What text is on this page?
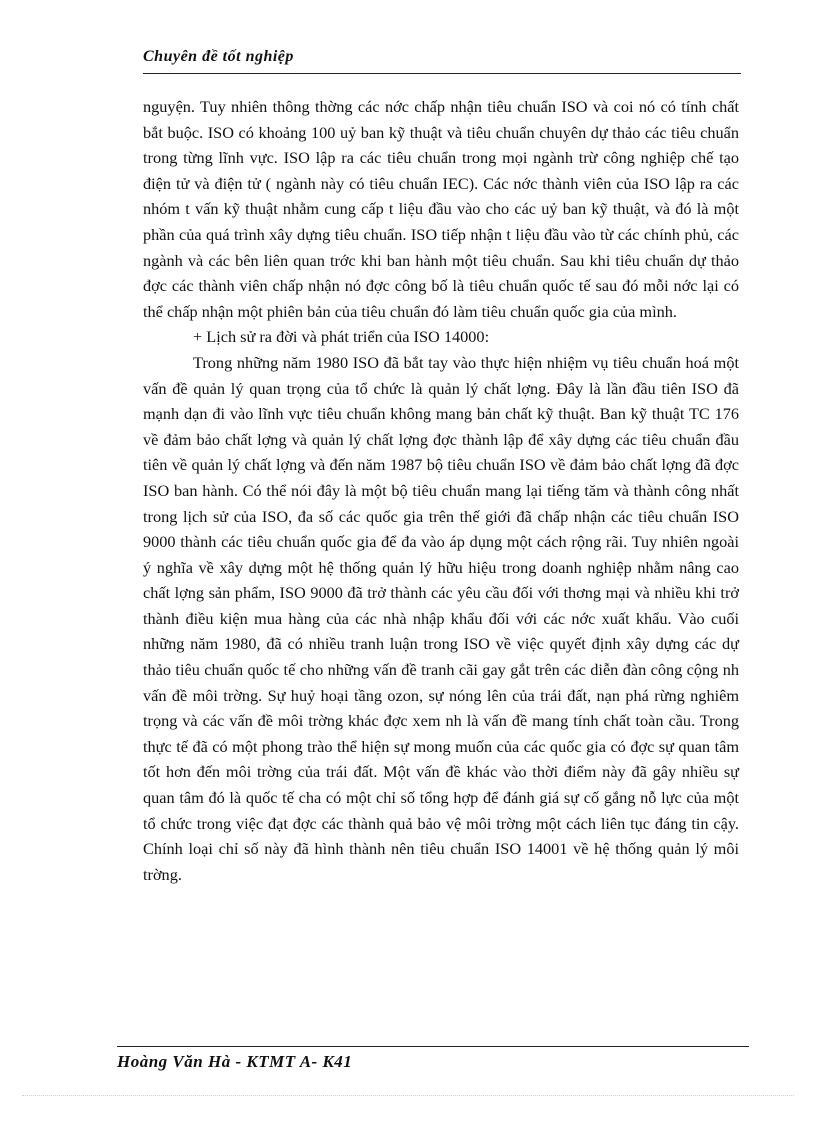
Chuyên đề tốt nghiệp

nguyện. Tuy nhiên thông thờng các nớc chấp nhận tiêu chuẩn ISO và coi nó có tính chất bắt buộc. ISO có khoảng 100 uỷ ban kỹ thuật và tiêu chuẩn chuyên dự thảo các tiêu chuẩn trong từng lĩnh vực. ISO lập ra các tiêu chuẩn trong mọi ngành trừ công nghiệp chế tạo điện tử và điện tử ( ngành này có tiêu chuẩn IEC). Các nớc thành viên của ISO lập ra các nhóm t vấn kỹ thuật nhằm cung cấp t liệu đầu vào cho các uỷ ban kỹ thuật, và đó là một phần của quá trình xây dựng tiêu chuẩn. ISO tiếp nhận t liệu đầu vào từ các chính phủ, các ngành và các bên liên quan trớc khi ban hành một tiêu chuẩn. Sau khi tiêu chuẩn dự thảo đợc các thành viên chấp nhận nó đợc công bố là tiêu chuẩn quốc tế sau đó mỗi nớc lại có thể chấp nhận một phiên bản của tiêu chuẩn đó làm tiêu chuẩn quốc gia của mình.

+ Lịch sử ra đời và phát triển của ISO 14000:

Trong những năm 1980 ISO đã bắt tay vào thực hiện nhiệm vụ tiêu chuẩn hoá một vấn đề quản lý quan trọng của tổ chức là quản lý chất lợng. Đây là lần đầu tiên ISO đã mạnh dạn đi vào lĩnh vực tiêu chuẩn không mang bản chất kỹ thuật. Ban kỹ thuật TC 176 về đảm bảo chất lợng và quản lý chất lợng đợc thành lập để xây dựng các tiêu chuẩn đầu tiên về quản lý chất lợng và đến năm 1987 bộ tiêu chuẩn ISO về đảm bảo chất lợng đã đợc ISO ban hành. Có thể nói đây là một bộ tiêu chuẩn mang lại tiếng tăm và thành công nhất trong lịch sử của ISO, đa số các quốc gia trên thế giới đã chấp nhận các tiêu chuẩn ISO 9000 thành các tiêu chuẩn quốc gia để đa vào áp dụng một cách rộng rãi. Tuy nhiên ngoài ý nghĩa về xây dựng một hệ thống quản lý hữu hiệu trong doanh nghiệp nhằm nâng cao chất lợng sản phẩm, ISO 9000 đã trở thành các yêu cầu đối với thơng mại và nhiều khi trở thành điều kiện mua hàng của các nhà nhập khẩu đối với các nớc xuất khẩu. Vào cuối những năm 1980, đã có nhiều tranh luận trong ISO về việc quyết định xây dựng các dự thảo tiêu chuẩn quốc tế cho những vấn đề tranh cãi gay gắt trên các diễn đàn công cộng nh vấn đề môi trờng. Sự huỷ hoại tầng ozon, sự nóng lên của trái đất, nạn phá rừng nghiêm trọng và các vấn đề môi trờng khác đợc xem nh là vấn đề mang tính chất toàn cầu. Trong thực tế đã có một phong trào thể hiện sự mong muốn của các quốc gia có đợc sự quan tâm tốt hơn đến môi trờng của trái đất. Một vấn đề khác vào thời điểm này đã gây nhiều sự quan tâm đó là quốc tế cha có một chỉ số tổng hợp để đánh giá sự cố gắng nỗ lực của một tổ chức trong việc đạt đợc các thành quả bảo vệ môi trờng một cách liên tục đáng tin cậy. Chính loại chỉ số này đã hình thành nên tiêu chuẩn ISO 14001 về hệ thống quản lý môi trờng.

Hoàng Văn Hà - KTMT A- K41
